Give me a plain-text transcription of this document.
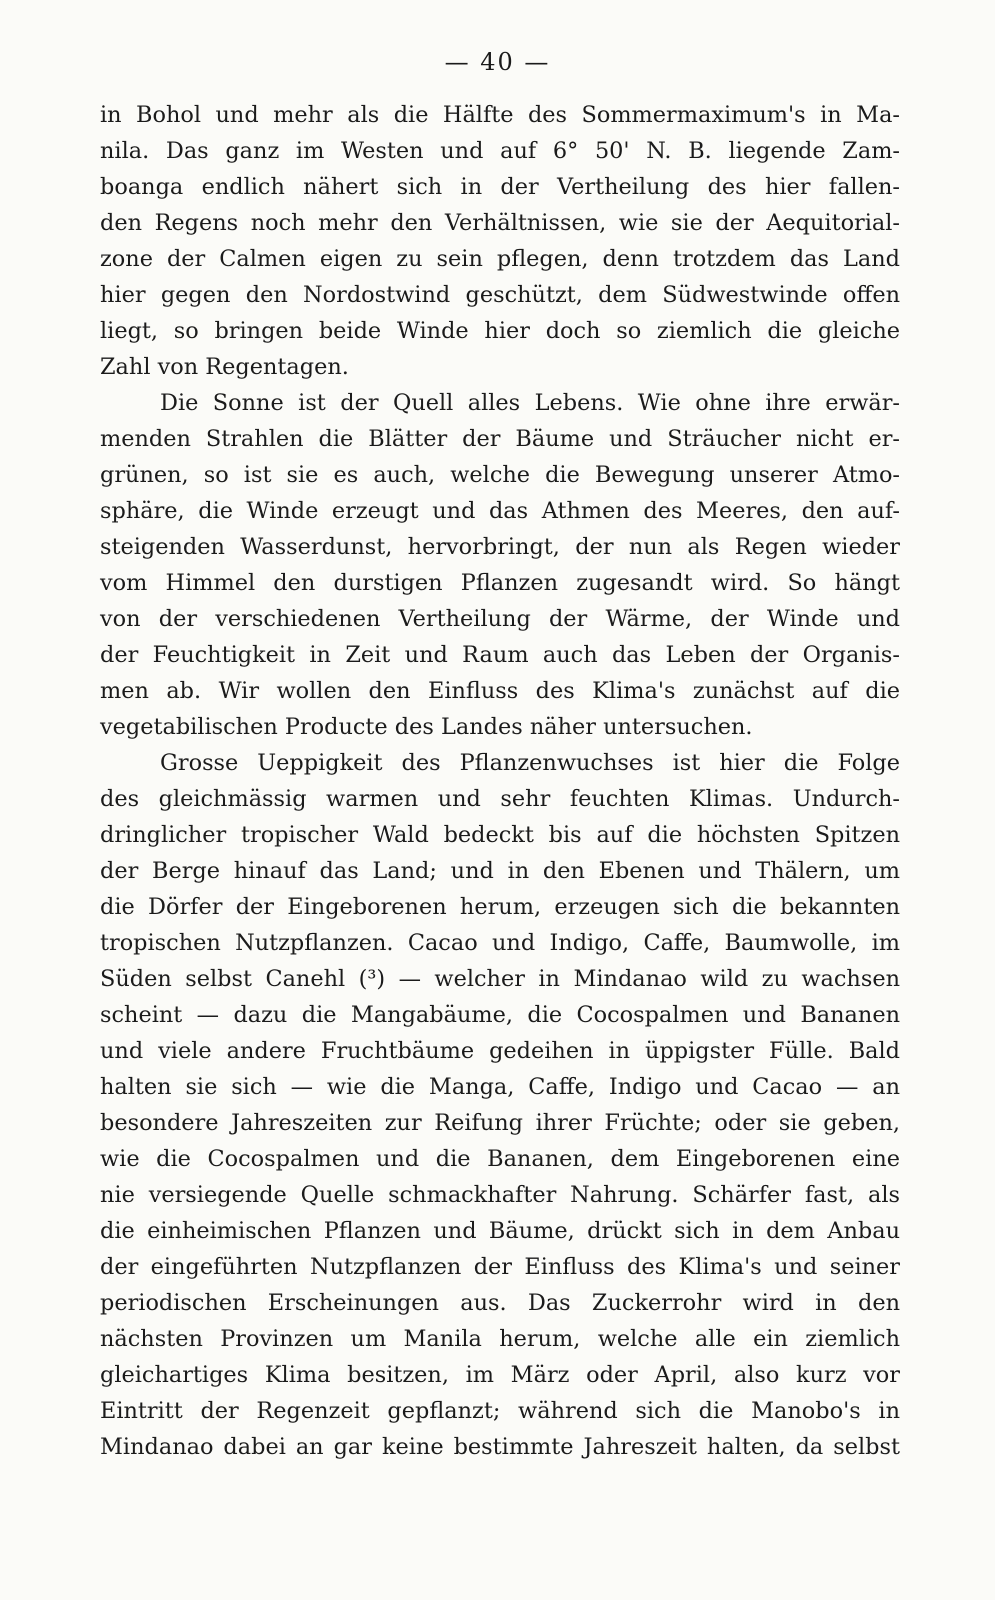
— 40 —
in Bohol und mehr als die Hälfte des Sommermaximum's in Ma-
nila. Das ganz im Westen und auf 6° 50' N. B. liegende Zam-
boanga endlich nähert sich in der Vertheilung des hier fallen-
den Regens noch mehr den Verhältnissen, wie sie der Aequitorial-
zone der Calmen eigen zu sein pflegen, denn trotzdem das Land
hier gegen den Nordostwind geschützt, dem Südwestwinde offen
liegt, so bringen beide Winde hier doch so ziemlich die gleiche
Zahl von Regentagen.
Die Sonne ist der Quell alles Lebens. Wie ohne ihre erwär-
menden Strahlen die Blätter der Bäume und Sträucher nicht er-
grünen, so ist sie es auch, welche die Bewegung unserer Atmo-
sphäre, die Winde erzeugt und das Athmen des Meeres, den auf-
steigenden Wasserdunst, hervorbringt, der nun als Regen wieder
vom Himmel den durstigen Pflanzen zugesandt wird. So hängt
von der verschiedenen Vertheilung der Wärme, der Winde und
der Feuchtigkeit in Zeit und Raum auch das Leben der Organis-
men ab. Wir wollen den Einfluss des Klima's zunächst auf die
vegetabilischen Producte des Landes näher untersuchen.
Grosse Ueppigkeit des Pflanzenwuchses ist hier die Folge
des gleichmässig warmen und sehr feuchten Klimas. Undurch-
dringlicher tropischer Wald bedeckt bis auf die höchsten Spitzen
der Berge hinauf das Land; und in den Ebenen und Thälern, um
die Dörfer der Eingeborenen herum, erzeugen sich die bekannten
tropischen Nutzpflanzen. Cacao und Indigo, Caffe, Baumwolle, im
Süden selbst Canehl (³) — welcher in Mindanao wild zu wachsen
scheint — dazu die Mangabäume, die Cocospalmen und Bananen
und viele andere Fruchtbäume gedeihen in üppigster Fülle. Bald
halten sie sich — wie die Manga, Caffe, Indigo und Cacao — an
besondere Jahreszeiten zur Reifung ihrer Früchte; oder sie geben,
wie die Cocospalmen und die Bananen, dem Eingeborenen eine
nie versiegende Quelle schmackhafter Nahrung. Schärfer fast, als
die einheimischen Pflanzen und Bäume, drückt sich in dem Anbau
der eingeführten Nutzpflanzen der Einfluss des Klima's und seiner
periodischen Erscheinungen aus. Das Zuckerrohr wird in den
nächsten Provinzen um Manila herum, welche alle ein ziemlich
gleichartiges Klima besitzen, im März oder April, also kurz vor
Eintritt der Regenzeit gepflanzt; während sich die Manobo's in
Mindanao dabei an gar keine bestimmte Jahreszeit halten, da selbst
